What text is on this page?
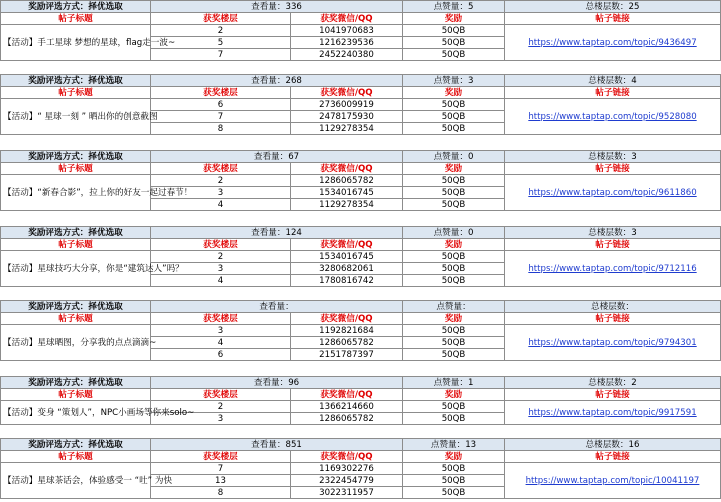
奖励评选方式：择优选取	查看量：336		点赞量：5	总楼层数：25
帖子标题	获奖楼层	获奖微信/QQ	奖励	帖子链接
【活动】手工星球 梦想的星球，flag走一波~	2	1041970683	50QB	https://www.taptap.com/topic/9436497
	5	1216239536	50QB	
	7	2452240380	50QB	
奖励评选方式：择优选取	查看量：268		点赞量：3	总楼层数：4
帖子标题	获奖楼层	获奖微信/QQ	奖励	帖子链接
【活动】“ 星球一刻 ” 晒出你的创意截图	6	2736009919	50QB	https://www.taptap.com/topic/9528080
	7	2478175930	50QB	
	8	1129278354	50QB	
奖励评选方式：择优选取	查看量：67		点赞量：0	总楼层数：3
帖子标题	获奖楼层	获奖微信/QQ	奖励	帖子链接
【活动】“新春合影”，拉上你的好友一起过春节！	2	1286065782	50QB	https://www.taptap.com/topic/9611860
	3	1534016745	50QB	
	4	1129278354	50QB	
奖励评选方式：择优选取	查看量：124		点赞量：0	总楼层数：3
帖子标题	获奖楼层	获奖微信/QQ	奖励	帖子链接
【活动】星球技巧大分享，你是“建筑达人”吗？	2	1534016745	50QB	https://www.taptap.com/topic/9712116
	3	3280682061	50QB	
	4	1780816742	50QB	
奖励评选方式：择优选取	查看量：		点赞量：	总楼层数：
帖子标题	获奖楼层	获奖微信/QQ	奖励	帖子链接
【活动】星球晒图，分享我的点点滴滴~	3	1192821684	50QB	https://www.taptap.com/topic/9794301
	4	1286065782	50QB	
	6	2151787397	50QB	
奖励评选方式：择优选取	查看量：96		点赞量：1	总楼层数：2
帖子标题	获奖楼层	获奖微信/QQ	奖励	帖子链接
【活动】变身 “策划人”，NPC小画场等你来solo~	2	1366214660	50QB	https://www.taptap.com/topic/9917591
	3	1286065782	50QB	
奖励评选方式：择优选取	查看量：851		点赞量：13	总楼层数：16
帖子标题	获奖楼层	获奖微信/QQ	奖励	帖子链接
【活动】星球茶话会，体验感受一 “吐” 为快	7	1169302276	50QB	https://www.taptap.com/topic/10041197
	13	2322454779	50QB	
	8	3022311957	50QB	
